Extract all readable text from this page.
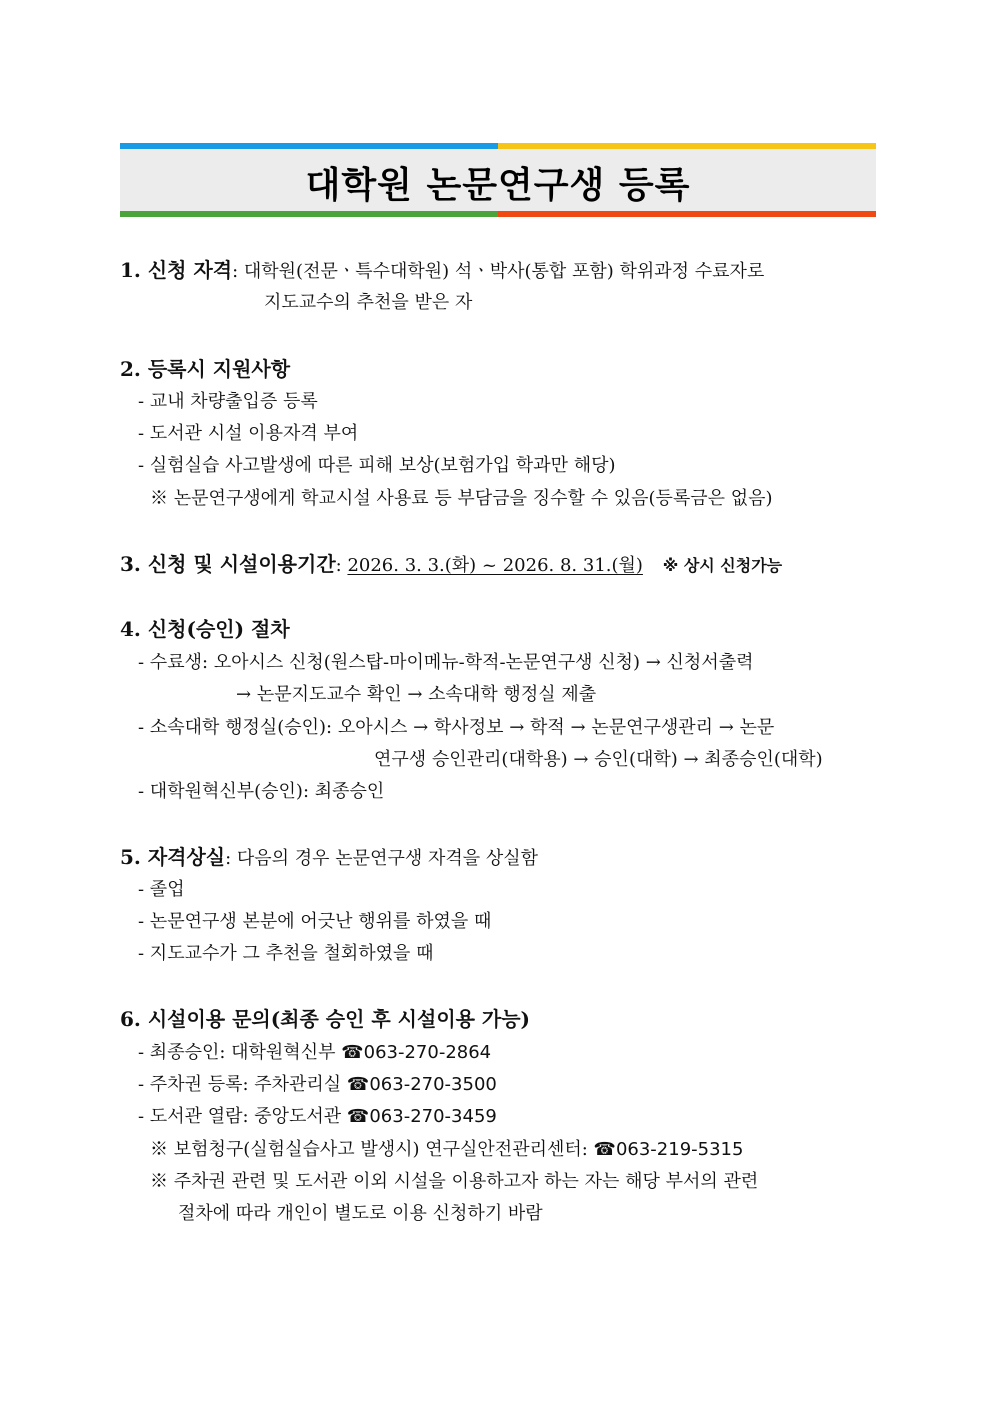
대학원 논문연구생 등록
1. 신청 자격: 대학원(전문ㆍ특수대학원) 석ㆍ박사(통합 포함) 학위과정 수료자로
지도교수의 추천을 받은 자
2. 등록시 지원사항
- 교내 차량출입증 등록
- 도서관 시설 이용자격 부여
- 실험실습 사고발생에 따른 피해 보상(보험가입 학과만 해당)
※ 논문연구생에게 학교시설 사용료 등 부담금을 징수할 수 있음(등록금은 없음)
3. 신청 및 시설이용기간: 2026. 3. 3.(화) ~ 2026. 8. 31.(월) ※ 상시 신청가능
4. 신청(승인) 절차
- 수료생: 오아시스 신청(원스탑-마이메뉴-학적-논문연구생 신청) → 신청서출력
→ 논문지도교수 확인 → 소속대학 행정실 제출
- 소속대학 행정실(승인): 오아시스 → 학사정보 → 학적 → 논문연구생관리 → 논문
연구생 승인관리(대학용) → 승인(대학) → 최종승인(대학)
- 대학원혁신부(승인): 최종승인
5. 자격상실: 다음의 경우 논문연구생 자격을 상실함
- 졸업
- 논문연구생 본분에 어긋난 행위를 하였을 때
- 지도교수가 그 추천을 철회하였을 때
6. 시설이용 문의(최종 승인 후 시설이용 가능)
- 최종승인: 대학원혁신부 ☎063-270-2864
- 주차권 등록: 주차관리실 ☎063-270-3500
- 도서관 열람: 중앙도서관 ☎063-270-3459
※ 보험청구(실험실습사고 발생시) 연구실안전관리센터: ☎063-219-5315
※ 주차권 관련 및 도서관 이외 시설을 이용하고자 하는 자는 해당 부서의 관련
절차에 따라 개인이 별도로 이용 신청하기 바람
